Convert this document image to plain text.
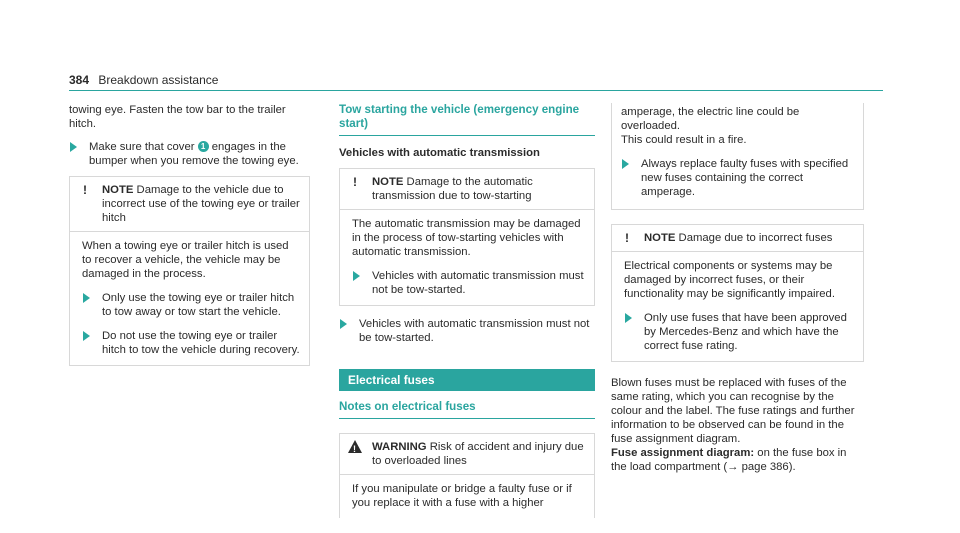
384 Breakdown assistance

towing eye. Fasten the tow bar to the trailer hitch.

Make sure that cover 1 engages in the bumper when you remove the towing eye.
! NOTE Damage to the vehicle due to incorrect use of the towing eye or trailer hitch

When a towing eye or trailer hitch is used to recover a vehicle, the vehicle may be damaged in the process.

Only use the towing eye or trailer hitch to tow away or tow start the vehicle.
Do not use the towing eye or trailer hitch to tow the vehicle during recovery.
Tow starting the vehicle (emergency engine start)
Vehicles with automatic transmission
! NOTE Damage to the automatic transmission due to tow-starting

The automatic transmission may be damaged in the process of tow-starting vehicles with automatic transmission.

Vehicles with automatic transmission must not be tow-started.
Vehicles with automatic transmission must not be tow-started.
Electrical fuses
Notes on electrical fuses
!
WARNING Risk of accident and injury due to overloaded lines

If you manipulate or bridge a faulty fuse or if you replace it with a fuse with a higher

amperage, the electric line could be overloaded.

This could result in a fire.

Always replace faulty fuses with specified new fuses containing the correct amperage.
! NOTE Damage due to incorrect fuses

Electrical components or systems may be damaged by incorrect fuses, or their functionality may be significantly impaired.

Only use fuses that have been approved by Mercedes-Benz and which have the correct fuse rating.

Blown fuses must be replaced with fuses of the same rating, which you can recognise by the colour and the label. The fuse ratings and further information to be observed can be found in the fuse assignment diagram.

Fuse assignment diagram: on the fuse box in the load compartment (→ page 386).
